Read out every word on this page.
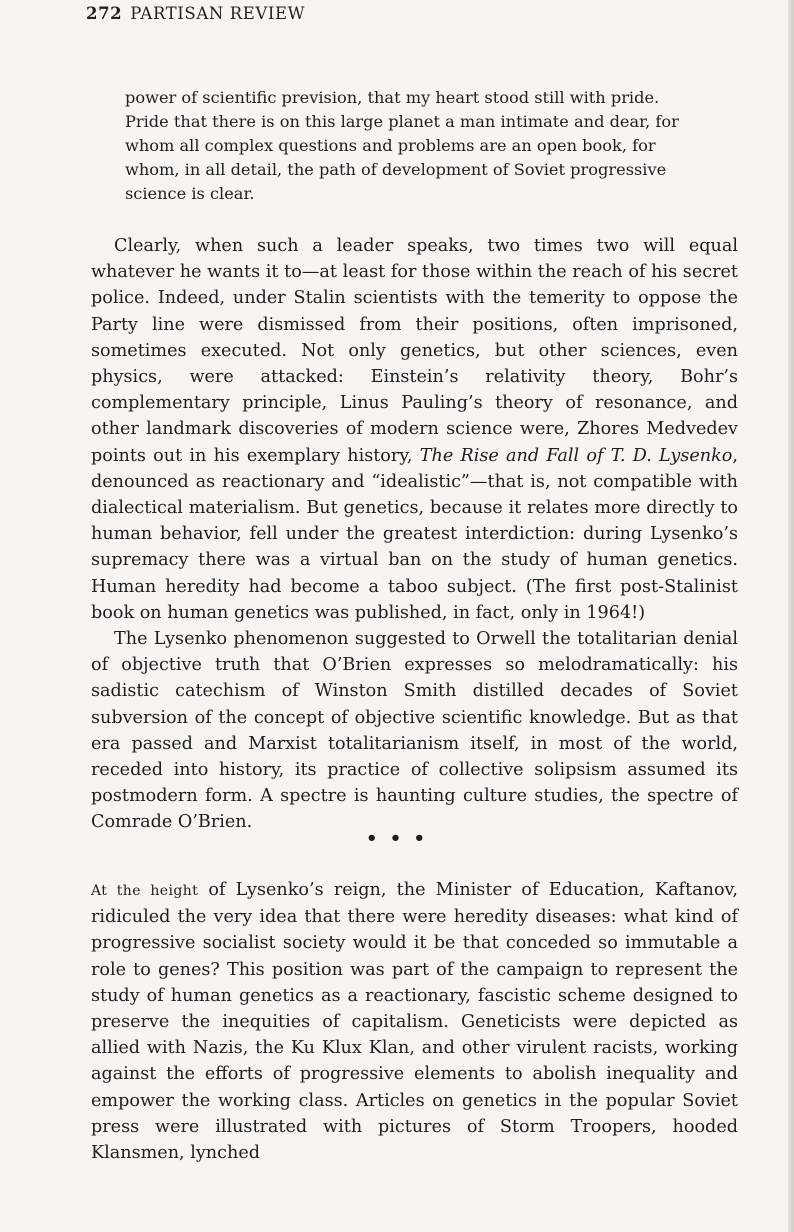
272 PARTISAN REVIEW
power of scientific prevision, that my heart stood still with pride. Pride that there is on this large planet a man intimate and dear, for whom all complex questions and problems are an open book, for whom, in all detail, the path of development of Soviet progressive science is clear.

Clearly, when such a leader speaks, two times two will equal whatever he wants it to—at least for those within the reach of his secret police. Indeed, under Stalin scientists with the temerity to oppose the Party line were dismissed from their positions, often imprisoned, sometimes executed. Not only genetics, but other sciences, even physics, were attacked: Einstein’s relativity theory, Bohr’s complementary principle, Linus Pauling’s theory of resonance, and other landmark discoveries of modern science were, Zhores Medvedev points out in his exemplary history, The Rise and Fall of T. D. Lysenko, denounced as reactionary and “idealistic”—that is, not compatible with dialectical materialism. But genetics, because it relates more directly to human behavior, fell under the greatest interdiction: during Lysenko’s supremacy there was a virtual ban on the study of human genetics. Human heredity had become a taboo subject. (The first post-Stalinist book on human genetics was published, in fact, only in 1964!)

The Lysenko phenomenon suggested to Orwell the totalitarian denial of objective truth that O’Brien expresses so melodramatically: his sadistic catechism of Winston Smith distilled decades of Soviet subversion of the concept of objective scientific knowledge. But as that era passed and Marxist totalitarianism itself, in most of the world, receded into history, its practice of collective solipsism assumed its postmodern form. A spectre is haunting culture studies, the spectre of Comrade O’Brien.

• • •

At the height of Lysenko’s reign, the Minister of Education, Kaftanov, ridiculed the very idea that there were heredity diseases: what kind of progressive socialist society would it be that conceded so immutable a role to genes? This position was part of the campaign to represent the study of human genetics as a reactionary, fascistic scheme designed to preserve the inequities of capitalism. Geneticists were depicted as allied with Nazis, the Ku Klux Klan, and other virulent racists, working against the efforts of progressive elements to abolish inequality and empower the working class. Articles on genetics in the popular Soviet press were illustrated with pictures of Storm Troopers, hooded Klansmen, lynched
